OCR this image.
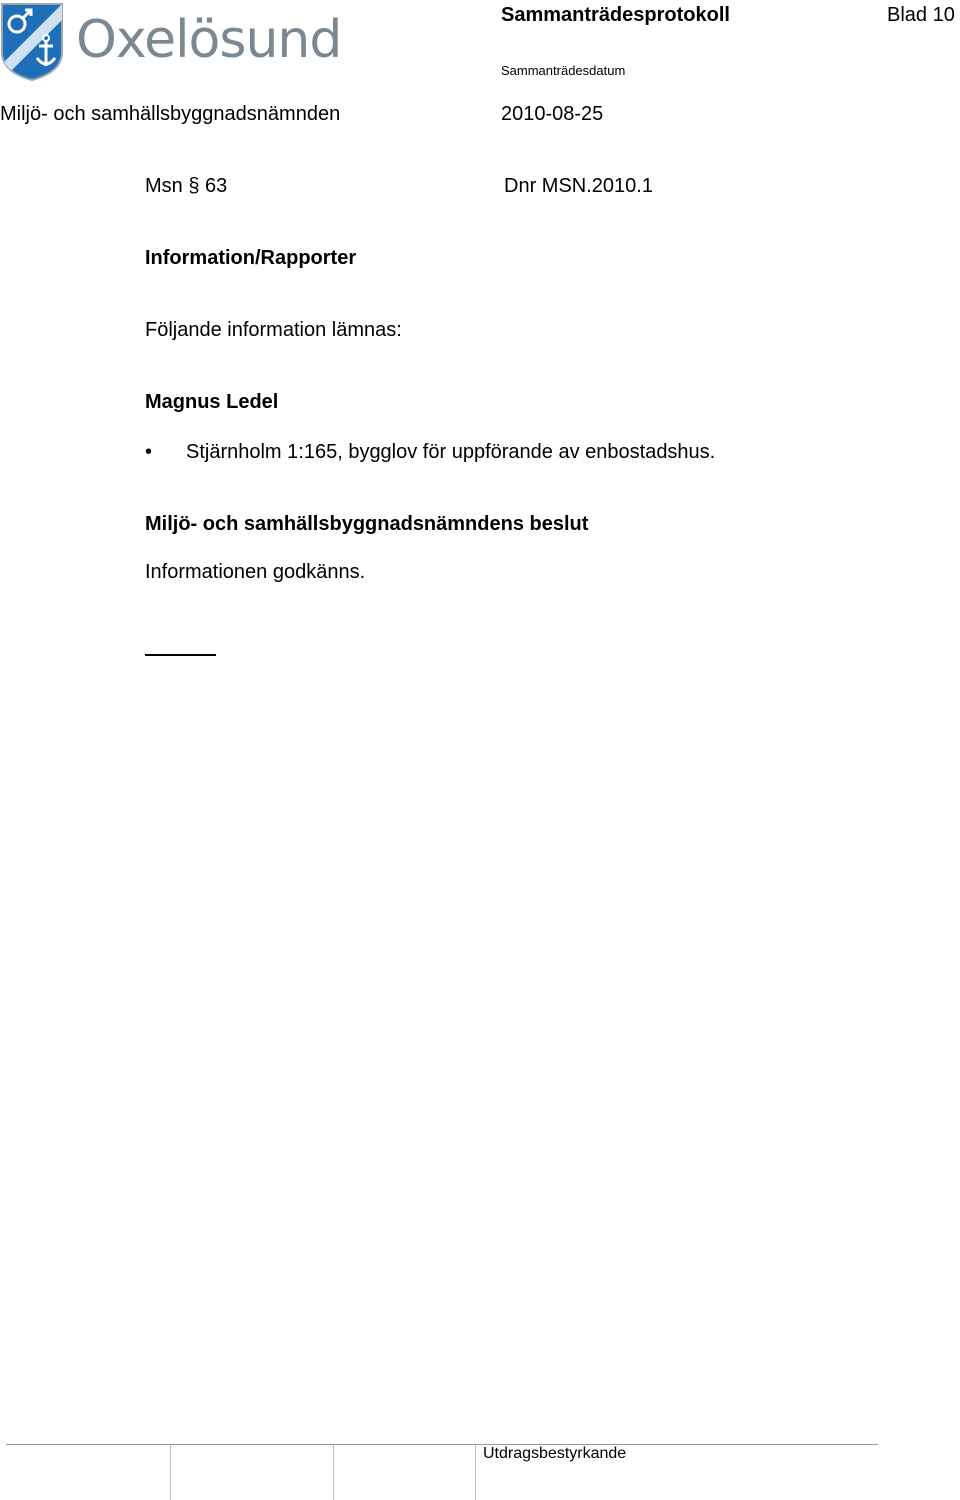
Oxelösund	Sammanträdesprotokoll	Blad 10
Sammanträdesdatum
Miljö- och samhällsbyggnadsnämnden	2010-08-25
Msn § 63	Dnr MSN.2010.1
Information/Rapporter
Följande information lämnas:
Magnus Ledel
• Stjärnholm 1:165, bygglov för uppförande av enbostadshus.
Miljö- och samhällsbyggnadsnämndens beslut
Informationen godkänns.
Utdragsbestyrkande
